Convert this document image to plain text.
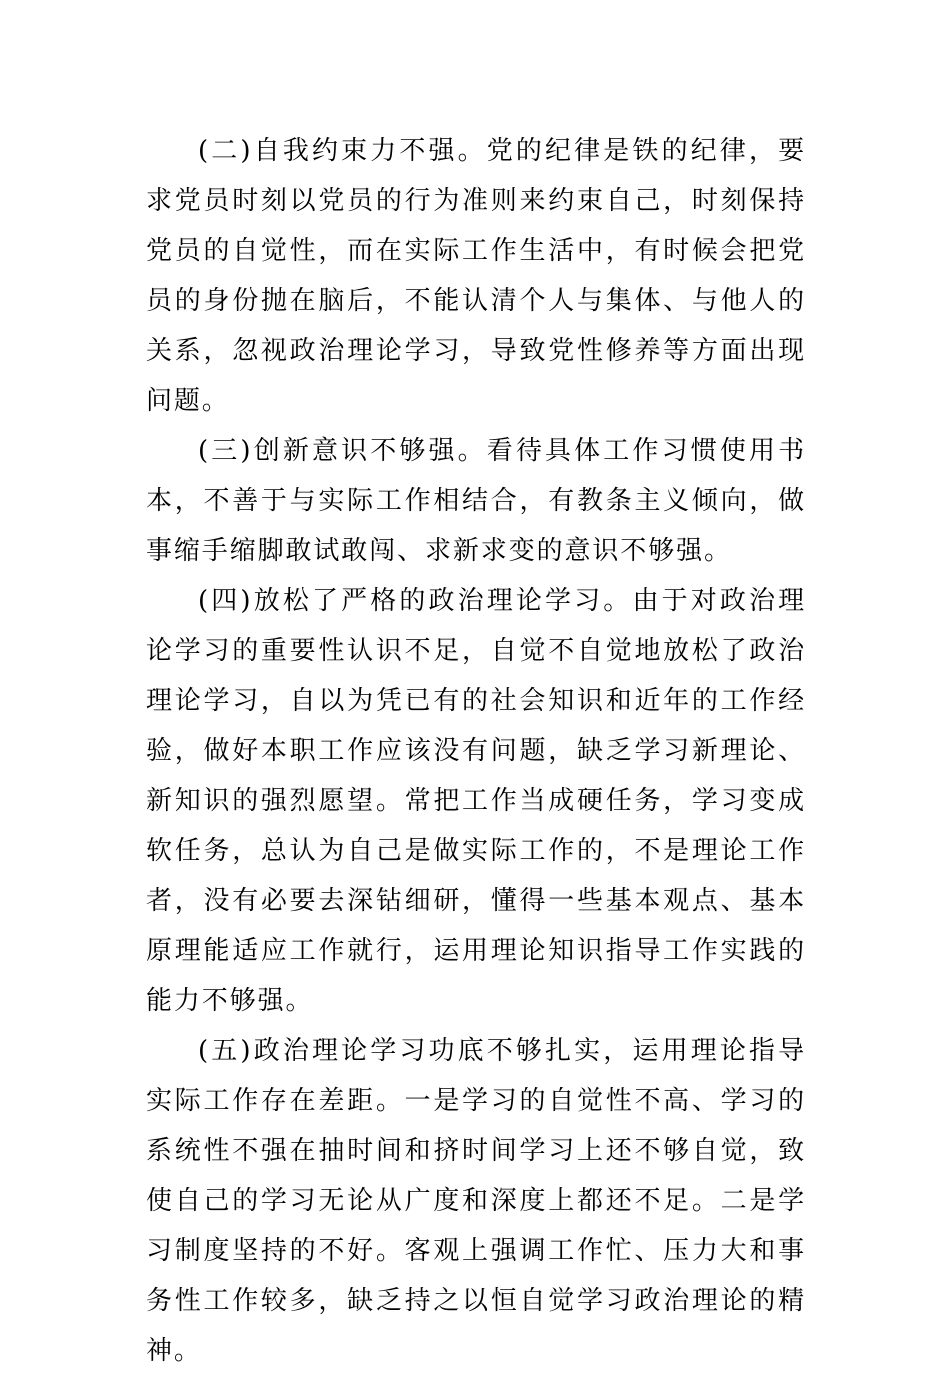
(二)自我约束力不强。党的纪律是铁的纪律，要求党员时刻以党员的行为准则来约束自己，时刻保持党员的自觉性，而在实际工作生活中，有时候会把党员的身份抛在脑后，不能认清个人与集体、与他人的关系，忽视政治理论学习，导致党性修养等方面出现问题。

(三)创新意识不够强。看待具体工作习惯使用书本，不善于与实际工作相结合，有教条主义倾向，做事缩手缩脚敢试敢闯、求新求变的意识不够强。

(四)放松了严格的政治理论学习。由于对政治理论学习的重要性认识不足，自觉不自觉地放松了政治理论学习，自以为凭已有的社会知识和近年的工作经验，做好本职工作应该没有问题，缺乏学习新理论、新知识的强烈愿望。常把工作当成硬任务，学习变成软任务，总认为自己是做实际工作的，不是理论工作者，没有必要去深钻细研，懂得一些基本观点、基本原理能适应工作就行，运用理论知识指导工作实践的能力不够强。

(五)政治理论学习功底不够扎实，运用理论指导实际工作存在差距。一是学习的自觉性不高、学习的系统性不强在抽时间和挤时间学习上还不够自觉，致使自己的学习无论从广度和深度上都还不足。二是学习制度坚持的不好。客观上强调工作忙、压力大和事务性工作较多，缺乏持之以恒自觉学习政治理论的精神。
